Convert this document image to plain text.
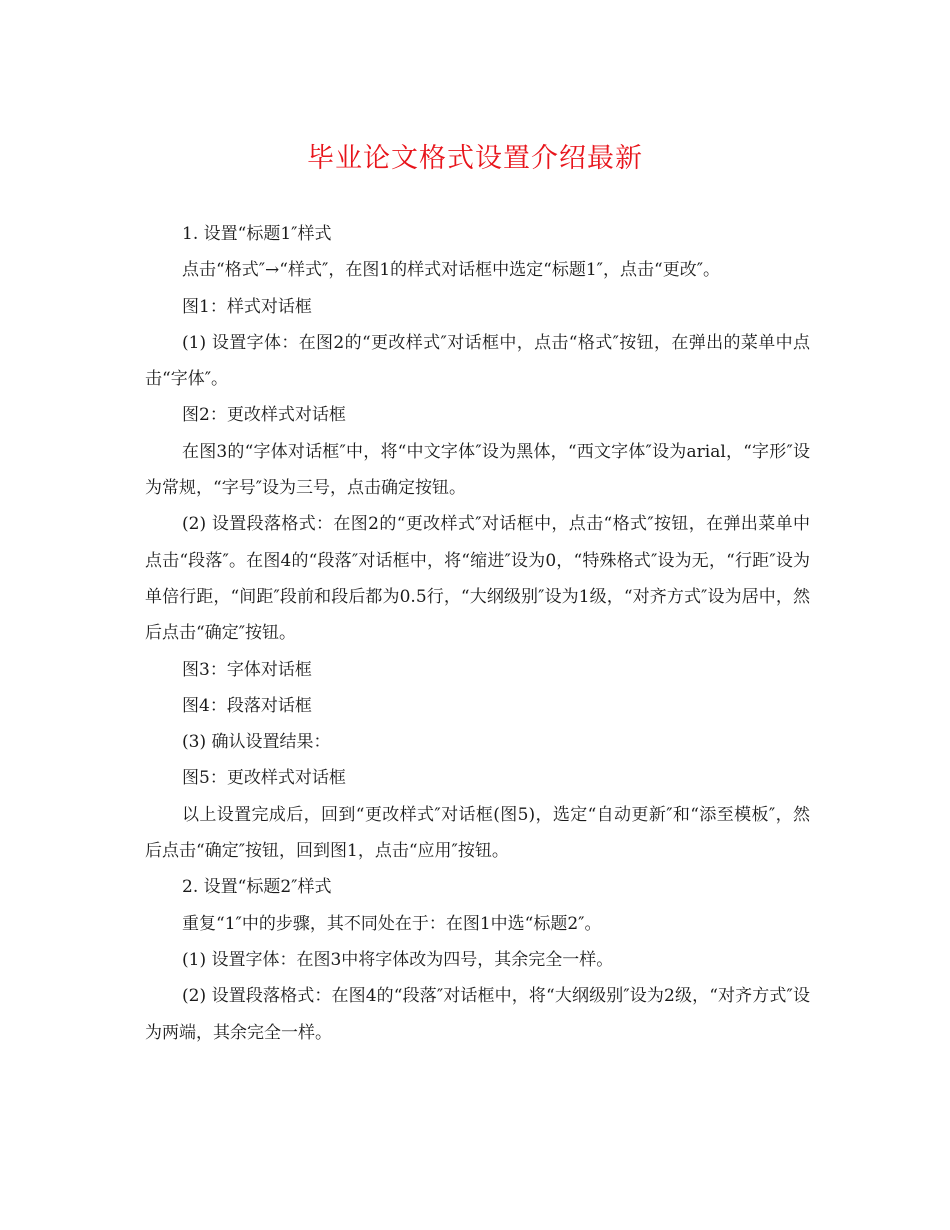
毕业论文格式设置介绍最新

1. 设置“标题1″样式

点击“格式″→“样式″，在图1的样式对话框中选定“标题1″，点击“更改″。

图1：样式对话框

(1) 设置字体：在图2的“更改样式″对话框中，点击“格式″按钮，在弹出的菜单中点击“字体″。

图2：更改样式对话框

在图3的“字体对话框″中，将“中文字体″设为黑体，“西文字体″设为arial，“字形″设为常规，“字号″设为三号，点击确定按钮。

(2) 设置段落格式：在图2的“更改样式″对话框中，点击“格式″按钮，在弹出菜单中点击“段落″。在图4的“段落″对话框中，将“缩进″设为0，“特殊格式″设为无，“行距″设为单倍行距，“间距″段前和段后都为0.5行，“大纲级别″设为1级，“对齐方式″设为居中，然后点击“确定″按钮。

图3：字体对话框

图4：段落对话框

(3) 确认设置结果：

图5：更改样式对话框

以上设置完成后，回到“更改样式″对话框(图5)，选定“自动更新″和“添至模板″，然后点击“确定″按钮，回到图1，点击“应用″按钮。

2. 设置“标题2″样式

重复“1″中的步骤，其不同处在于：在图1中选“标题2″。

(1) 设置字体：在图3中将字体改为四号，其余完全一样。

(2) 设置段落格式：在图4的“段落″对话框中，将“大纲级别″设为2级，“对齐方式″设为两端，其余完全一样。
